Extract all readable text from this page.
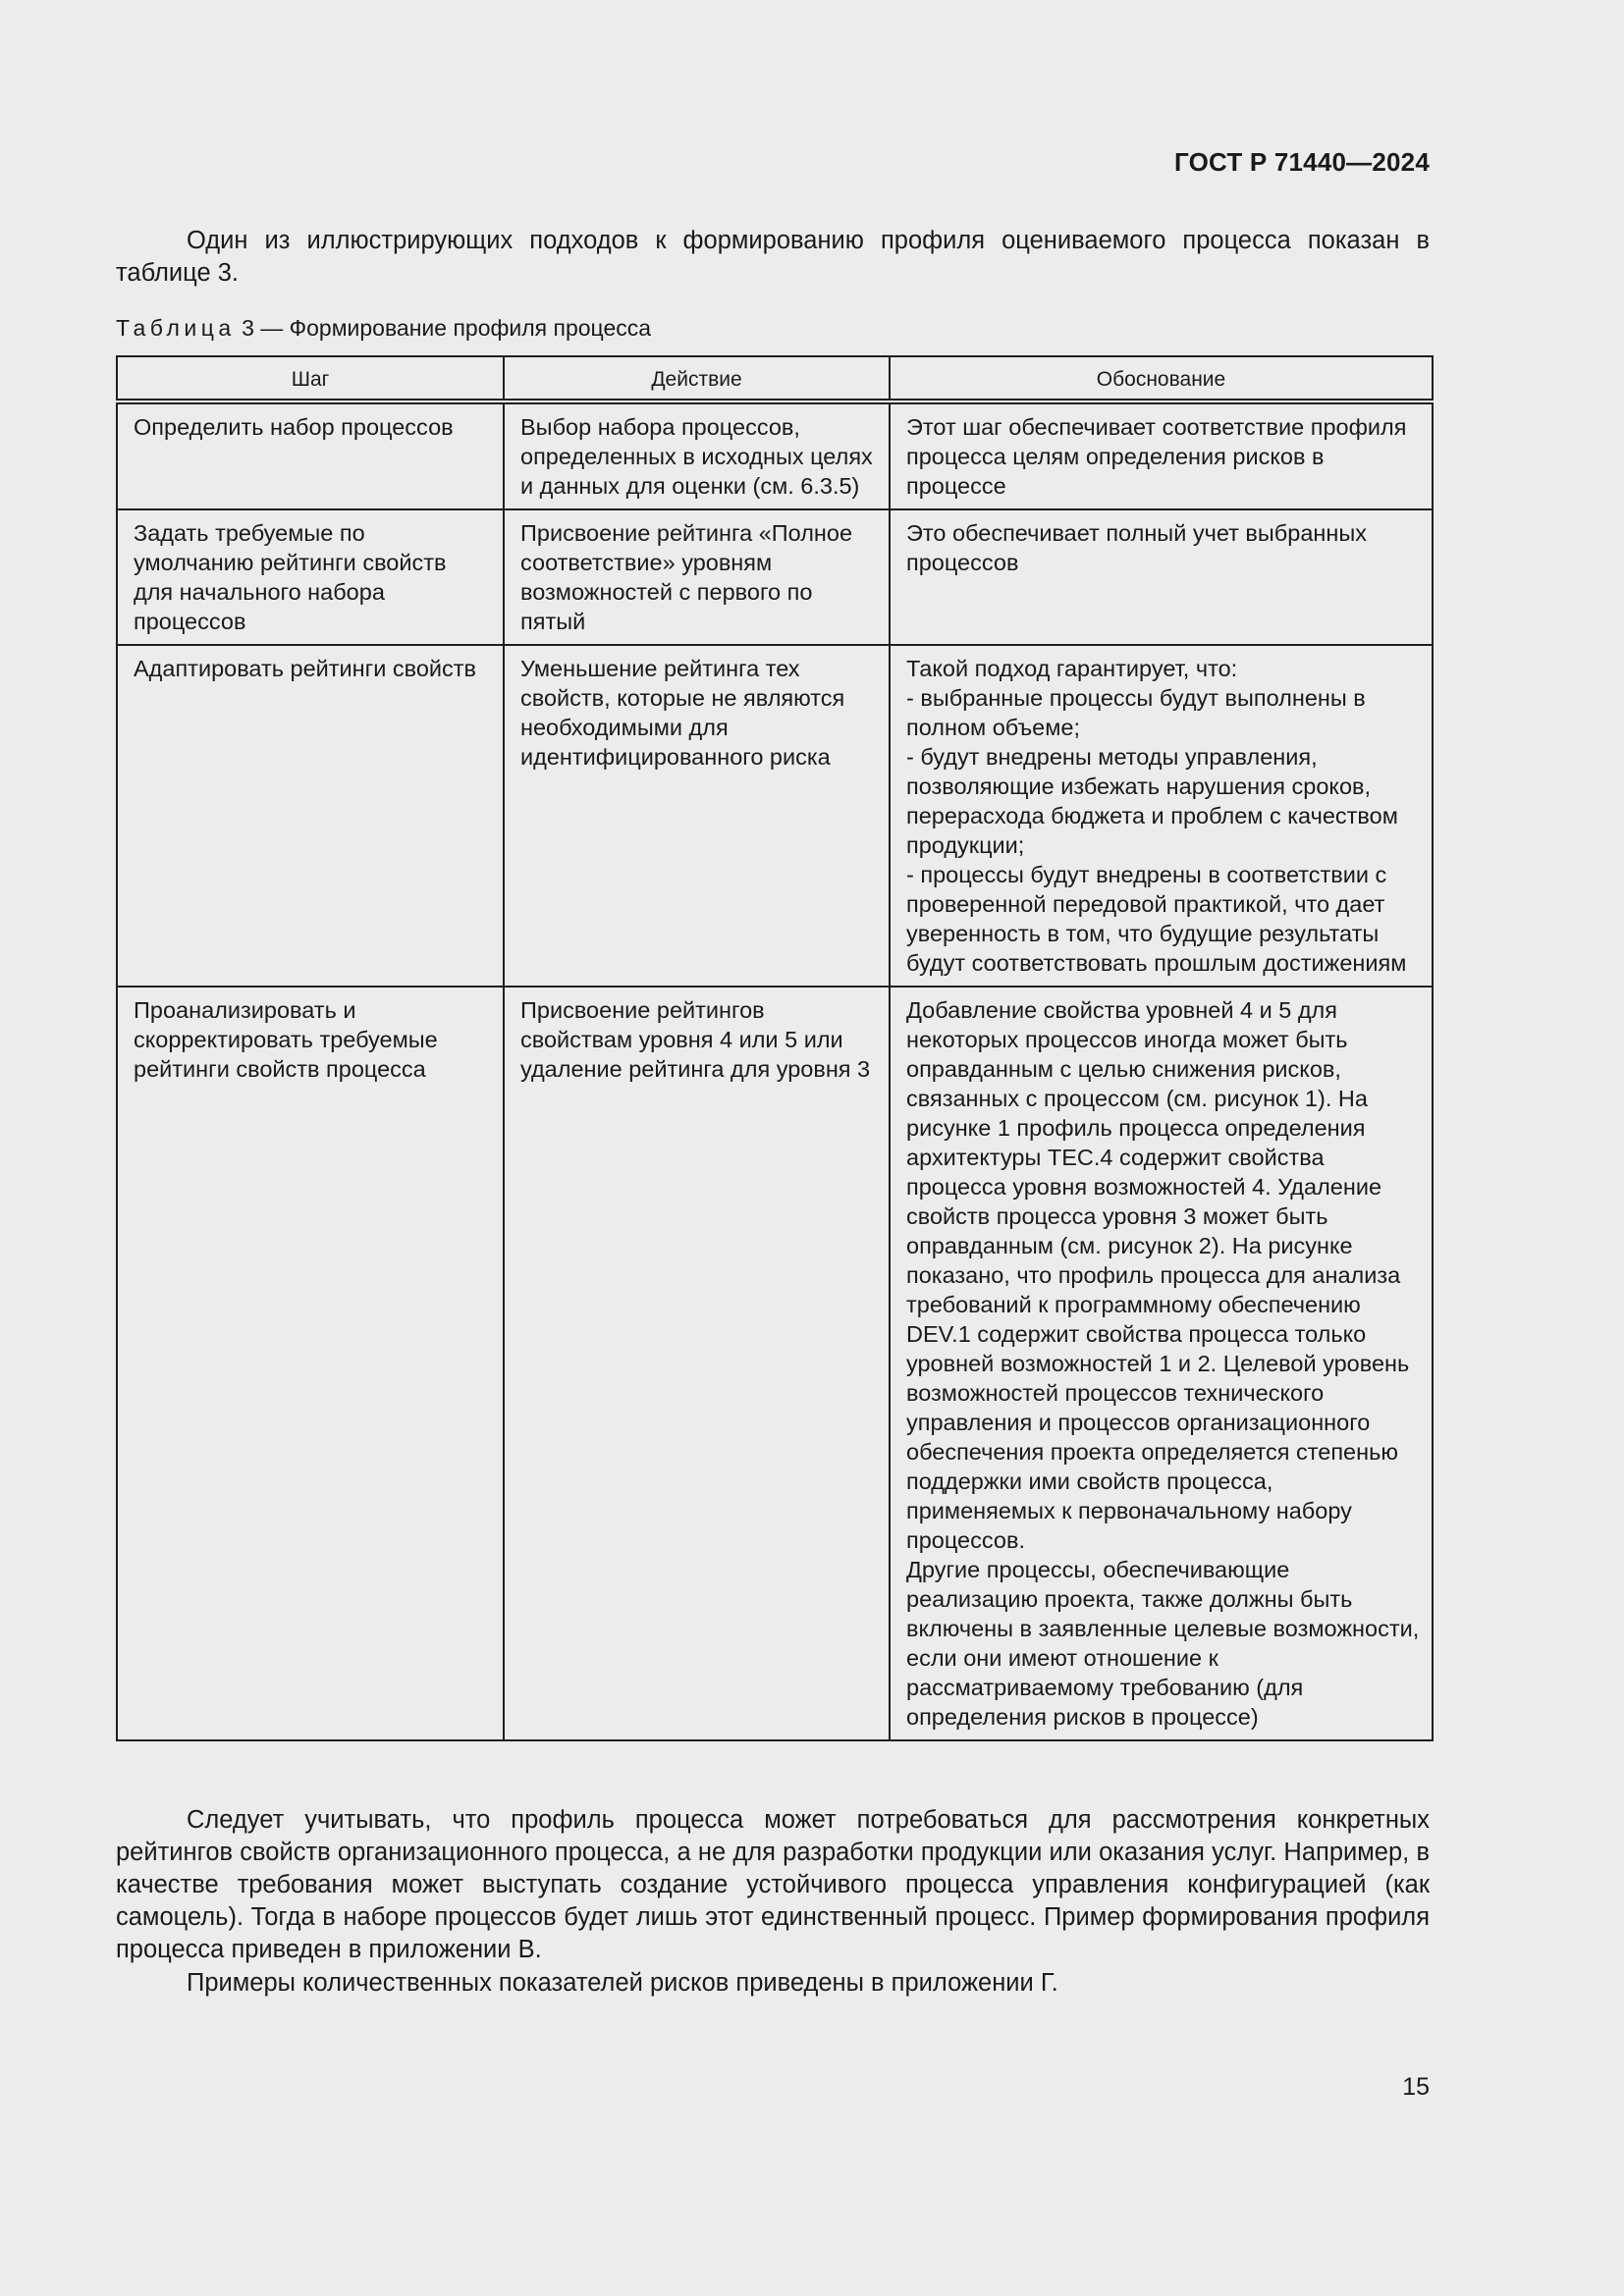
ГОСТ Р 71440—2024
Один из иллюстрирующих подходов к формированию профиля оцениваемого процесса показан в таблице 3.
Таблица 3 — Формирование профиля процесса
Шаг	Действие	Обоснование
Определить набор процессов	Выбор набора процессов, определенных в исходных целях и данных для оценки (см. 6.3.5)	Этот шаг обеспечивает соответствие профиля процесса целям определения рисков в процессе

Задать требуемые по умолчанию рейтинги свойств для начального набора процессов	Присвоение рейтинга «Полное соответствие» уровням возможностей с первого по пятый	Это обеспечивает полный учет выбранных процессов

Адаптировать рейтинги свойств	Уменьшение рейтинга тех свойств, которые не являются необходимыми для идентифицированного риска	Такой подход гарантирует, что:
- выбранные процессы будут выполнены в полном объеме;
- будут внедрены методы управления, позволяющие избежать нарушения сроков, перерасхода бюджета и проблем с качеством продукции;
- процессы будут внедрены в соответствии с проверенной передовой практикой, что дает уверенность в том, что будущие результаты будут соответствовать прошлым достижениям

Проанализировать и скорректировать требуемые рейтинги свойств процесса	Присвоение рейтингов свойствам уровня 4 или 5 или удаление рейтинга для уровня 3	Добавление свойства уровней 4 и 5 для некоторых процессов иногда может быть оправданным с целью снижения рисков, связанных с процессом (см. рисунок 1). На рисунке 1 профиль процесса определения архитектуры TEC.4 содержит свойства процесса уровня возможностей 4. Удаление свойств процесса уровня 3 может быть оправданным (см. рисунок 2). На рисунке показано, что профиль процесса для анализа требований к программному обеспечению DEV.1 содержит свойства процесса только уровней возможностей 1 и 2. Целевой уровень возможностей процессов технического управления и процессов организационного обеспечения проекта определяется степенью поддержки ими свойств процесса, применяемых к первоначальному набору процессов.
Другие процессы, обеспечивающие реализацию проекта, также должны быть включены в заявленные целевые возможности, если они имеют отношение к рассматриваемому требованию (для определения рисков в процессе)
Следует учитывать, что профиль процесса может потребоваться для рассмотрения конкретных рейтингов свойств организационного процесса, а не для разработки продукции или оказания услуг. Например, в качестве требования может выступать создание устойчивого процесса управления конфигурацией (как самоцель). Тогда в наборе процессов будет лишь этот единственный процесс. Пример формирования профиля процесса приведен в приложении В.
Примеры количественных показателей рисков приведены в приложении Г.
15
